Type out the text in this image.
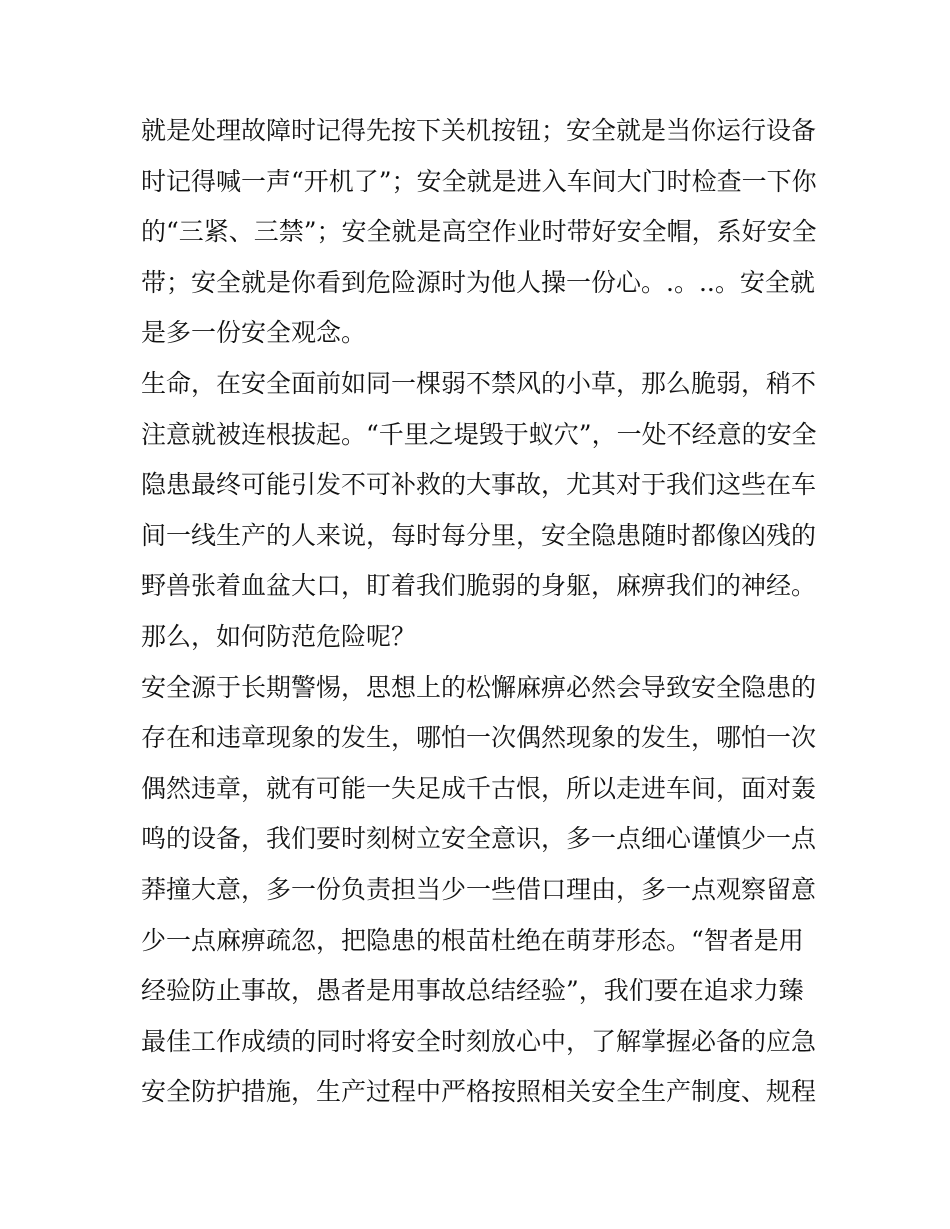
就是处理故障时记得先按下关机按钮；安全就是当你运行设备
时记得喊一声“开机了”；安全就是进入车间大门时检查一下你
的“三紧、三禁”；安全就是高空作业时带好安全帽，系好安全
带；安全就是你看到危险源时为他人操一份心。.。..。安全就
是多一份安全观念。
生命，在安全面前如同一棵弱不禁风的小草，那么脆弱，稍不
注意就被连根拔起。“千里之堤毁于蚁穴”，一处不经意的安全
隐患最终可能引发不可补救的大事故，尤其对于我们这些在车
间一线生产的人来说，每时每分里，安全隐患随时都像凶残的
野兽张着血盆大口，盯着我们脆弱的身躯，麻痹我们的神经。
那么，如何防范危险呢？
安全源于长期警惕，思想上的松懈麻痹必然会导致安全隐患的
存在和违章现象的发生，哪怕一次偶然现象的发生，哪怕一次
偶然违章，就有可能一失足成千古恨，所以走进车间，面对轰
鸣的设备，我们要时刻树立安全意识，多一点细心谨慎少一点
莽撞大意，多一份负责担当少一些借口理由，多一点观察留意
少一点麻痹疏忽，把隐患的根苗杜绝在萌芽形态。“智者是用
经验防止事故，愚者是用事故总结经验”，我们要在追求力臻
最佳工作成绩的同时将安全时刻放心中，了解掌握必备的应急
安全防护措施，生产过程中严格按照相关安全生产制度、规程
